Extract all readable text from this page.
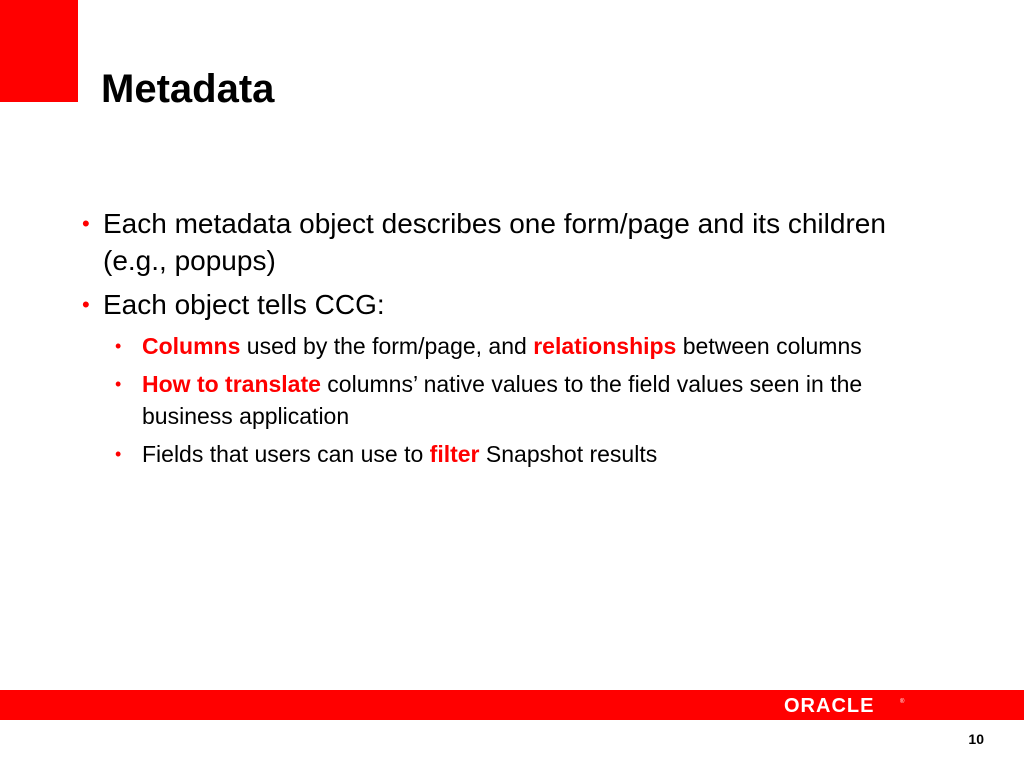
Metadata
• Each metadata object describes one form/page and its children (e.g., popups)
• Each object tells CCG:
• Columns used by the form/page, and relationships between columns
• How to translate columns’ native values to the field values seen in the business application
• Fields that users can use to filter Snapshot results
ORACLE	®
10
